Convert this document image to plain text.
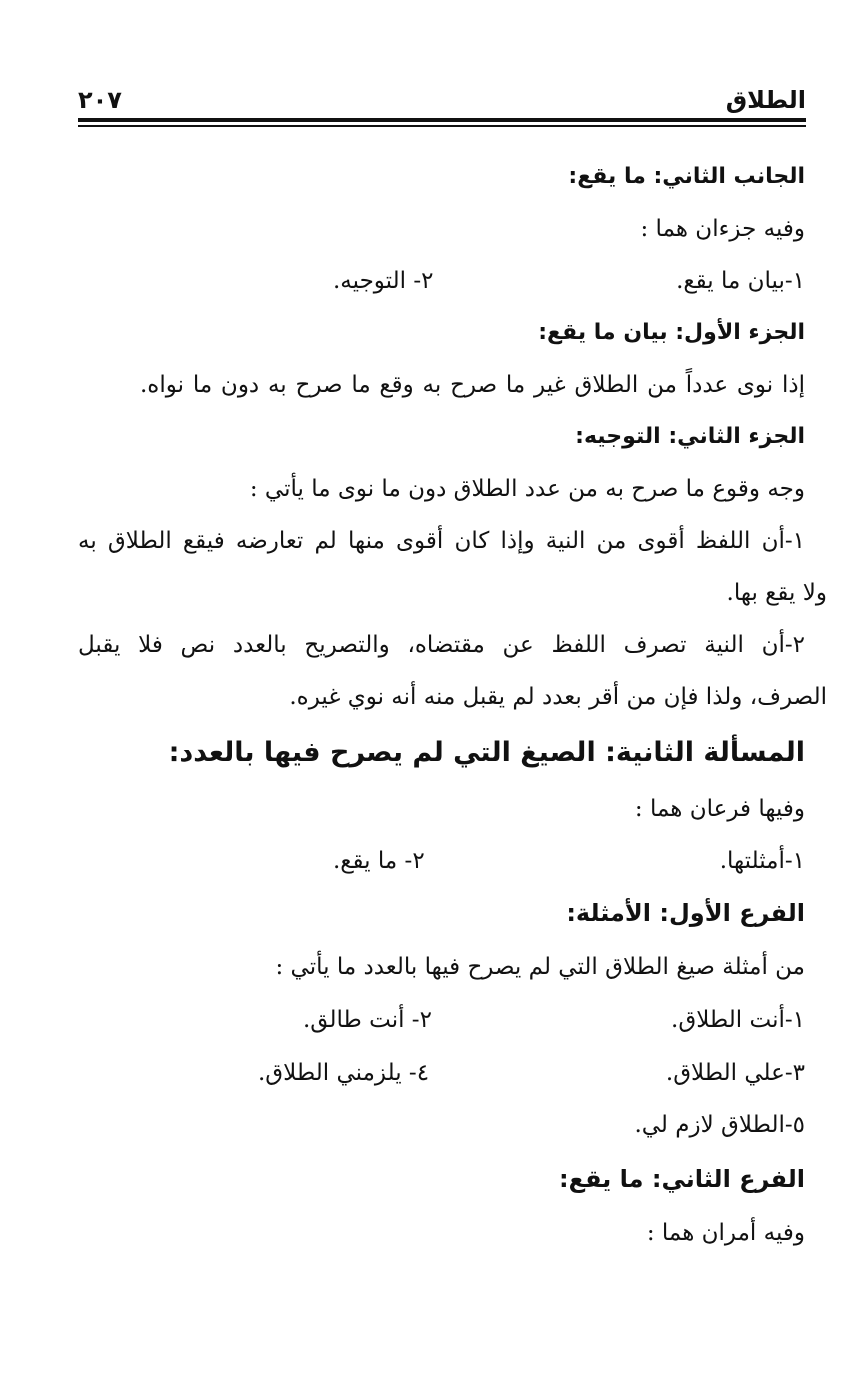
الطلاق
٢٠٧
الجانب الثاني: ما يقع:
وفيه جزءان هما :
١-بيان ما يقع.
٢- التوجيه.
الجزء الأول: بيان ما يقع:
إذا نوى عدداً من الطلاق غير ما صرح به وقع ما صرح به دون ما نواه.
الجزء الثاني: التوجيه:
وجه وقوع ما صرح به من عدد الطلاق دون ما نوى ما يأتي :
١-أن اللفظ أقوى من النية وإذا كان أقوى منها لم تعارضه فيقع الطلاق به
ولا يقع بها.
٢-أن النية تصرف اللفظ عن مقتضاه، والتصريح بالعدد نص فلا يقبل
الصرف، ولذا فإن من أقر بعدد لم يقبل منه أنه نوي غيره.
المسألة الثانية: الصيغ التي لم يصرح فيها بالعدد:
وفيها فرعان هما :
١-أمثلتها.
٢- ما يقع.
الفرع الأول: الأمثلة:
من أمثلة صيغ الطلاق التي لم يصرح فيها بالعدد ما يأتي :
١-أنت الطلاق.
٢- أنت طالق.
٣-علي الطلاق.
٤- يلزمني الطلاق.
٥-الطلاق لازم لي.
الفرع الثاني: ما يقع:
وفيه أمران هما :
